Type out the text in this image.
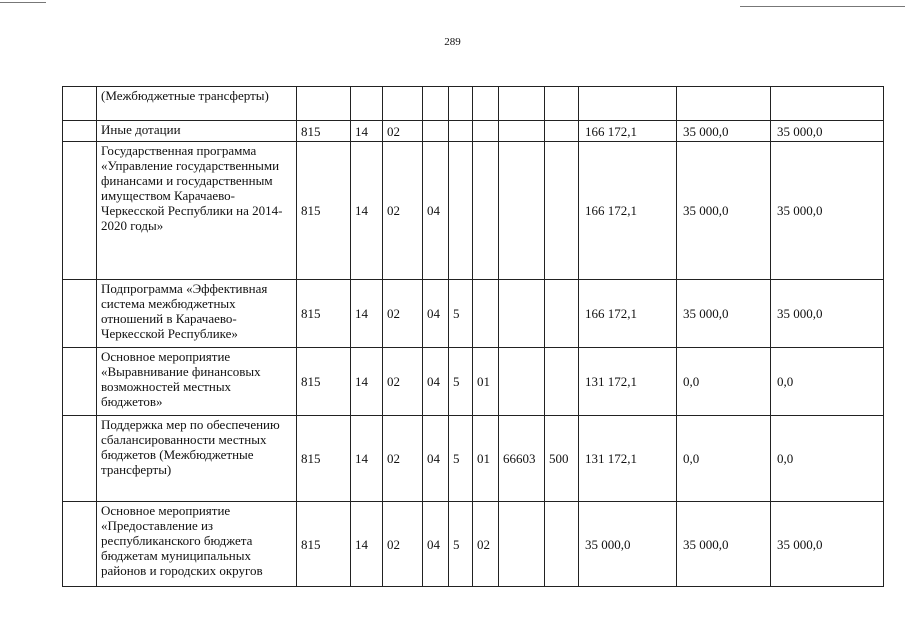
289
	(Межбюджетные трансферты)											
	Иные дотации	815	14	02						166 172,1	35 000,0	35 000,0
	Государственная программа «Управление государственными финансами и государственным имуществом Карачаево-Черкесской Республики на 2014-2020 годы»	815	14	02	04					166 172,1	35 000,0	35 000,0
	Подпрограмма «Эффективная система межбюджетных отношений в Карачаево-Черкесской Республике»	815	14	02	04	5				166 172,1	35 000,0	35 000,0
	Основное мероприятие «Выравнивание финансовых возможностей местных бюджетов»	815	14	02	04	5	01			131 172,1	0,0	0,0
	Поддержка мер по обеспечению сбалансированности местных бюджетов (Межбюджетные трансферты)	815	14	02	04	5	01	66603	500	131 172,1	0,0	0,0
	Основное мероприятие «Предоставление из республиканского бюджета бюджетам муниципальных районов и городских округов	815	14	02	04	5	02			35 000,0	35 000,0	35 000,0
